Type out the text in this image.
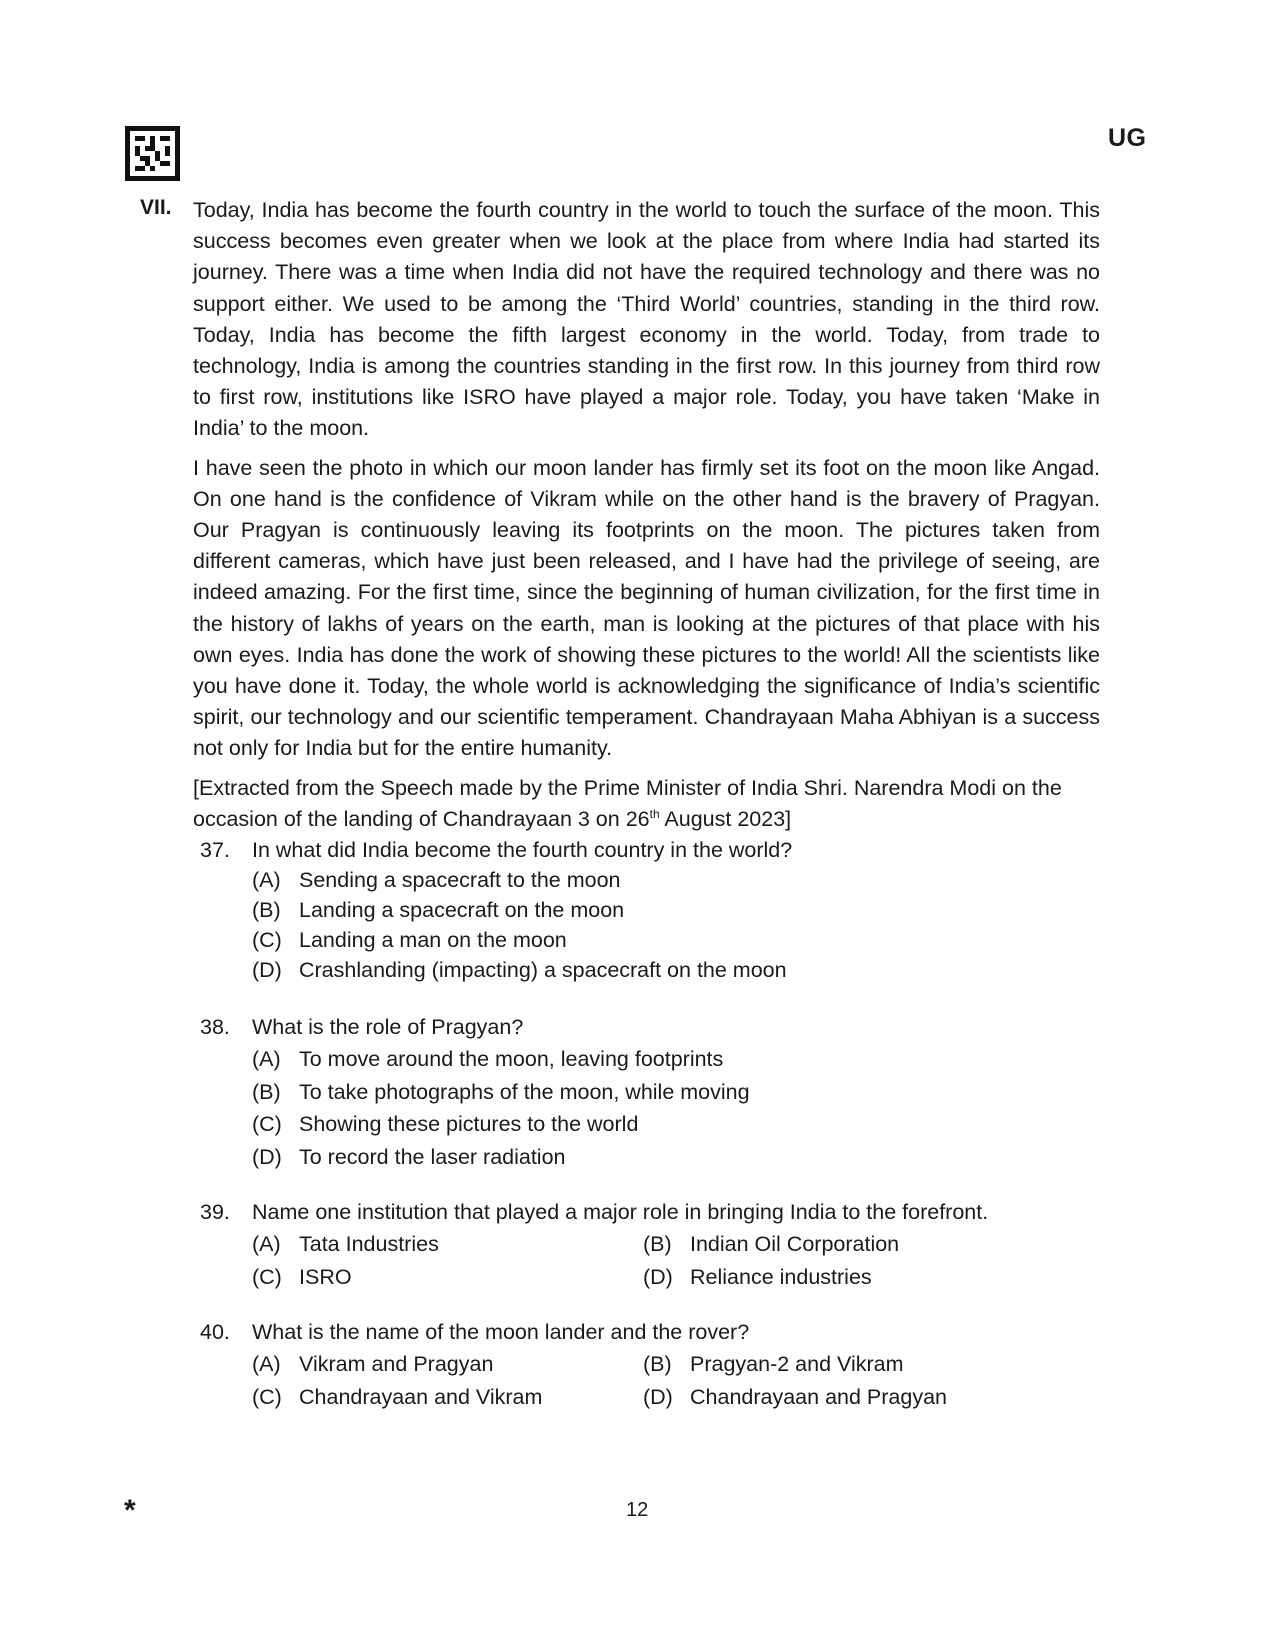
UG
VII. Today, India has become the fourth country in the world to touch the surface of the moon. This success becomes even greater when we look at the place from where India had started its journey. There was a time when India did not have the required technology and there was no support either. We used to be among the ‘Third World’ countries, standing in the third row. Today, India has become the fifth largest economy in the world. Today, from trade to technology, India is among the countries standing in the first row. In this journey from third row to first row, institutions like ISRO have played a major role. Today, you have taken ‘Make in India’ to the moon.

I have seen the photo in which our moon lander has firmly set its foot on the moon like Angad. On one hand is the confidence of Vikram while on the other hand is the bravery of Pragyan. Our Pragyan is continuously leaving its footprints on the moon. The pictures taken from different cameras, which have just been released, and I have had the privilege of seeing, are indeed amazing. For the first time, since the beginning of human civilization, for the first time in the history of lakhs of years on the earth, man is looking at the pictures of that place with his own eyes. India has done the work of showing these pictures to the world! All the scientists like you have done it. Today, the whole world is acknowledging the significance of India’s scientific spirit, our technology and our scientific temperament. Chandrayaan Maha Abhiyan is a success not only for India but for the entire humanity.

[Extracted from the Speech made by the Prime Minister of India Shri. Narendra Modi on the occasion of the landing of Chandrayaan 3 on 26th August 2023]

37.	In what did India become the fourth country in the world?
(A) Sending a spacecraft to the moon
(B) Landing a spacecraft on the moon
(C) Landing a man on the moon
(D) Crashlanding (impacting) a spacecraft on the moon
38.	What is the role of Pragyan?
(A) To move around the moon, leaving footprints
(B) To take photographs of the moon, while moving
(C) Showing these pictures to the world
(D) To record the laser radiation
39.	Name one institution that played a major role in bringing India to the forefront.
(A) Tata Industries	(B) Indian Oil Corporation
(C) ISRO	(D) Reliance industries
40.	What is the name of the moon lander and the rover?
(A) Vikram and Pragyan	(B) Pragyan-2 and Vikram
(C) Chandrayaan and Vikram	(D) Chandrayaan and Pragyan
*	12
